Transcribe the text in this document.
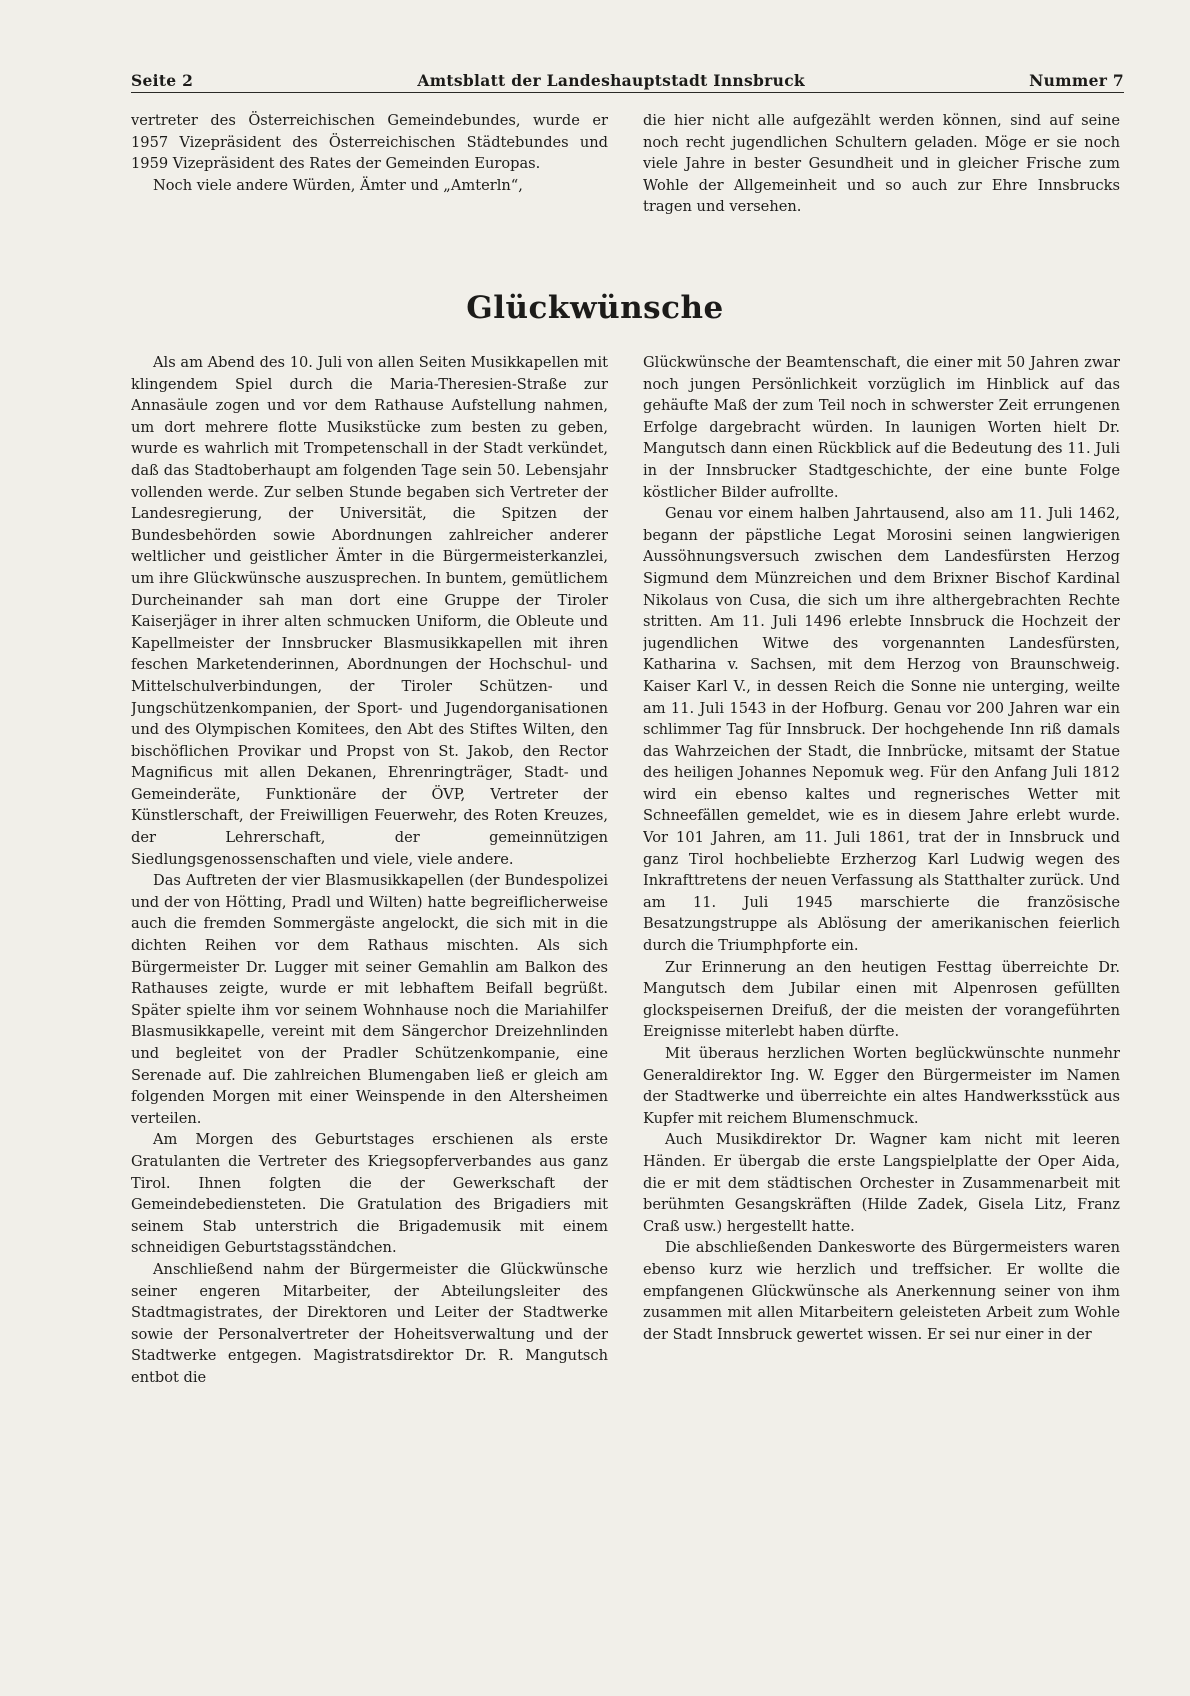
Seite 2	Amtsblatt der Landeshauptstadt Innsbruck	Nummer 7

vertreter des Österreichischen Gemeindebundes, wurde er 1957 Vizepräsident des Österreichischen Städtebundes und 1959 Vizepräsident des Rates der Gemeinden Europas.

Noch viele andere Würden, Ämter und „Amterln“,

die hier nicht alle aufgezählt werden können, sind auf seine noch recht jugendlichen Schultern geladen. Möge er sie noch viele Jahre in bester Gesundheit und in gleicher Frische zum Wohle der Allgemeinheit und so auch zur Ehre Innsbrucks tragen und versehen.

Glückwünsche

Als am Abend des 10. Juli von allen Seiten Musikkapellen mit klingendem Spiel durch die Maria-Theresien-Straße zur Annasäule zogen und vor dem Rathause Aufstellung nahmen, um dort mehrere flotte Musikstücke zum besten zu geben, wurde es wahrlich mit Trompetenschall in der Stadt verkündet, daß das Stadtoberhaupt am folgenden Tage sein 50. Lebensjahr vollenden werde. Zur selben Stunde begaben sich Vertreter der Landesregierung, der Universität, die Spitzen der Bundesbehörden sowie Abordnungen zahlreicher anderer weltlicher und geistlicher Ämter in die Bürgermeisterkanzlei, um ihre Glückwünsche auszusprechen. In buntem, gemütlichem Durcheinander sah man dort eine Gruppe der Tiroler Kaiserjäger in ihrer alten schmucken Uniform, die Obleute und Kapellmeister der Innsbrucker Blasmusikkapellen mit ihren feschen Marketenderinnen, Abordnungen der Hochschul- und Mittelschulverbindungen, der Tiroler Schützen- und Jungschützenkompanien, der Sport- und Jugendorganisationen und des Olympischen Komitees, den Abt des Stiftes Wilten, den bischöflichen Provikar und Propst von St. Jakob, den Rector Magnificus mit allen Dekanen, Ehrenringträger, Stadt- und Gemeinderäte, Funktionäre der ÖVP, Vertreter der Künstlerschaft, der Freiwilligen Feuerwehr, des Roten Kreuzes, der Lehrerschaft, der gemeinnützigen Siedlungsgenossenschaften und viele, viele andere.

Das Auftreten der vier Blasmusikkapellen (der Bundespolizei und der von Hötting, Pradl und Wilten) hatte begreiflicherweise auch die fremden Sommergäste angelockt, die sich mit in die dichten Reihen vor dem Rathaus mischten. Als sich Bürgermeister Dr. Lugger mit seiner Gemahlin am Balkon des Rathauses zeigte, wurde er mit lebhaftem Beifall begrüßt. Später spielte ihm vor seinem Wohnhause noch die Mariahilfer Blasmusikkapelle, vereint mit dem Sängerchor Dreizehnlinden und begleitet von der Pradler Schützenkompanie, eine Serenade auf. Die zahlreichen Blumengaben ließ er gleich am folgenden Morgen mit einer Weinspende in den Altersheimen verteilen.

Am Morgen des Geburtstages erschienen als erste Gratulanten die Vertreter des Kriegsopferverbandes aus ganz Tirol. Ihnen folgten die der Gewerkschaft der Gemeindebediensteten. Die Gratulation des Brigadiers mit seinem Stab unterstrich die Brigademusik mit einem schneidigen Geburtstagsständchen.

Anschließend nahm der Bürgermeister die Glückwünsche seiner engeren Mitarbeiter, der Abteilungsleiter des Stadtmagistrates, der Direktoren und Leiter der Stadtwerke sowie der Personalvertreter der Hoheitsverwaltung und der Stadtwerke entgegen. Magistratsdirektor Dr. R. Mangutsch entbot die

Glückwünsche der Beamtenschaft, die einer mit 50 Jahren zwar noch jungen Persönlichkeit vorzüglich im Hinblick auf das gehäufte Maß der zum Teil noch in schwerster Zeit errungenen Erfolge dargebracht würden. In launigen Worten hielt Dr. Mangutsch dann einen Rückblick auf die Bedeutung des 11. Juli in der Innsbrucker Stadtgeschichte, der eine bunte Folge köstlicher Bilder aufrollte.

Genau vor einem halben Jahrtausend, also am 11. Juli 1462, begann der päpstliche Legat Morosini seinen langwierigen Aussöhnungsversuch zwischen dem Landesfürsten Herzog Sigmund dem Münzreichen und dem Brixner Bischof Kardinal Nikolaus von Cusa, die sich um ihre althergebrachten Rechte stritten. Am 11. Juli 1496 erlebte Innsbruck die Hochzeit der jugendlichen Witwe des vorgenannten Landesfürsten, Katharina v. Sachsen, mit dem Herzog von Braunschweig. Kaiser Karl V., in dessen Reich die Sonne nie unterging, weilte am 11. Juli 1543 in der Hofburg. Genau vor 200 Jahren war ein schlimmer Tag für Innsbruck. Der hochgehende Inn riß damals das Wahrzeichen der Stadt, die Innbrücke, mitsamt der Statue des heiligen Johannes Nepomuk weg. Für den Anfang Juli 1812 wird ein ebenso kaltes und regnerisches Wetter mit Schneefällen gemeldet, wie es in diesem Jahre erlebt wurde. Vor 101 Jahren, am 11. Juli 1861, trat der in Innsbruck und ganz Tirol hochbeliebte Erzherzog Karl Ludwig wegen des Inkrafttretens der neuen Verfassung als Statthalter zurück. Und am 11. Juli 1945 marschierte die französische Besatzungstruppe als Ablösung der amerikanischen feierlich durch die Triumphpforte ein.

Zur Erinnerung an den heutigen Festtag überreichte Dr. Mangutsch dem Jubilar einen mit Alpenrosen gefüllten glockspeisernen Dreifuß, der die meisten der vorangeführten Ereignisse miterlebt haben dürfte.

Mit überaus herzlichen Worten beglückwünschte nunmehr Generaldirektor Ing. W. Egger den Bürgermeister im Namen der Stadtwerke und überreichte ein altes Handwerksstück aus Kupfer mit reichem Blumenschmuck.

Auch Musikdirektor Dr. Wagner kam nicht mit leeren Händen. Er übergab die erste Langspielplatte der Oper Aida, die er mit dem städtischen Orchester in Zusammenarbeit mit berühmten Gesangskräften (Hilde Zadek, Gisela Litz, Franz Craß usw.) hergestellt hatte.

Die abschließenden Dankesworte des Bürgermeisters waren ebenso kurz wie herzlich und treffsicher. Er wollte die empfangenen Glückwünsche als Anerkennung seiner von ihm zusammen mit allen Mitarbeitern geleisteten Arbeit zum Wohle der Stadt Innsbruck gewertet wissen. Er sei nur einer in der
